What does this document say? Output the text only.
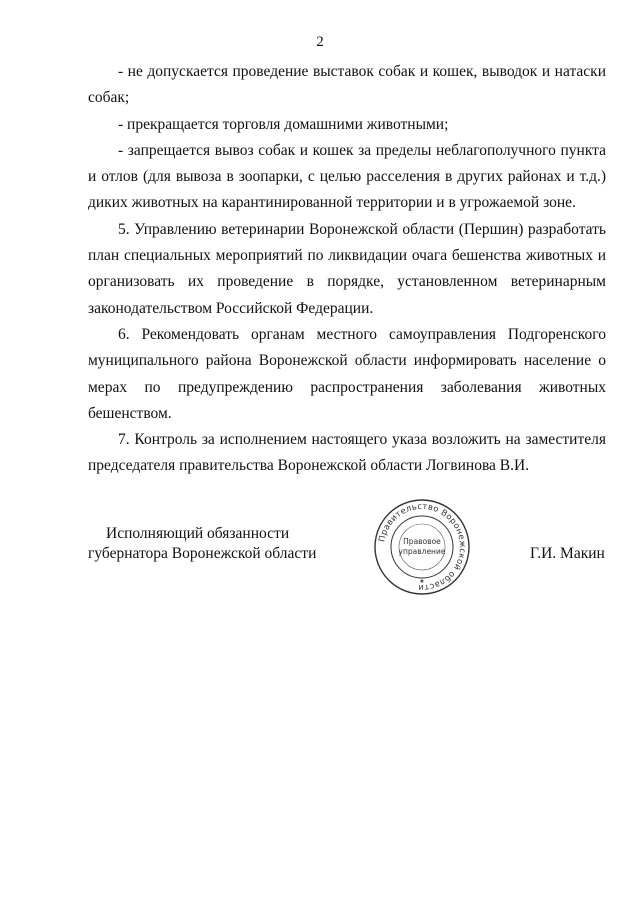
2

- не допускается проведение выставок собак и кошек, выводок и натаски собак;

- прекращается торговля домашними животными;

- запрещается вывоз собак и кошек за пределы неблагополучного пункта и отлов (для вывоза в зоопарки, с целью расселения в других районах и т.д.) диких животных на карантинированной территории и в угрожаемой зоне.

5. Управлению ветеринарии Воронежской области (Першин) разработать план специальных мероприятий по ликвидации очага бешенства животных и организовать их проведение в порядке, установленном ветеринарным законодательством Российской Федерации.

6. Рекомендовать органам местного самоуправления Подгоренского муниципального района Воронежской области информировать население о мерах по предупреждению распространения заболевания животных бешенством.

7. Контроль за исполнением настоящего указа возложить на заместителя председателя правительства Воронежской области Логвинова В.И.

Исполняющий обязанности
губернатора Воронежской области
Правительство Воронежской области
Правовое
управление
★
Г.И. Макин
